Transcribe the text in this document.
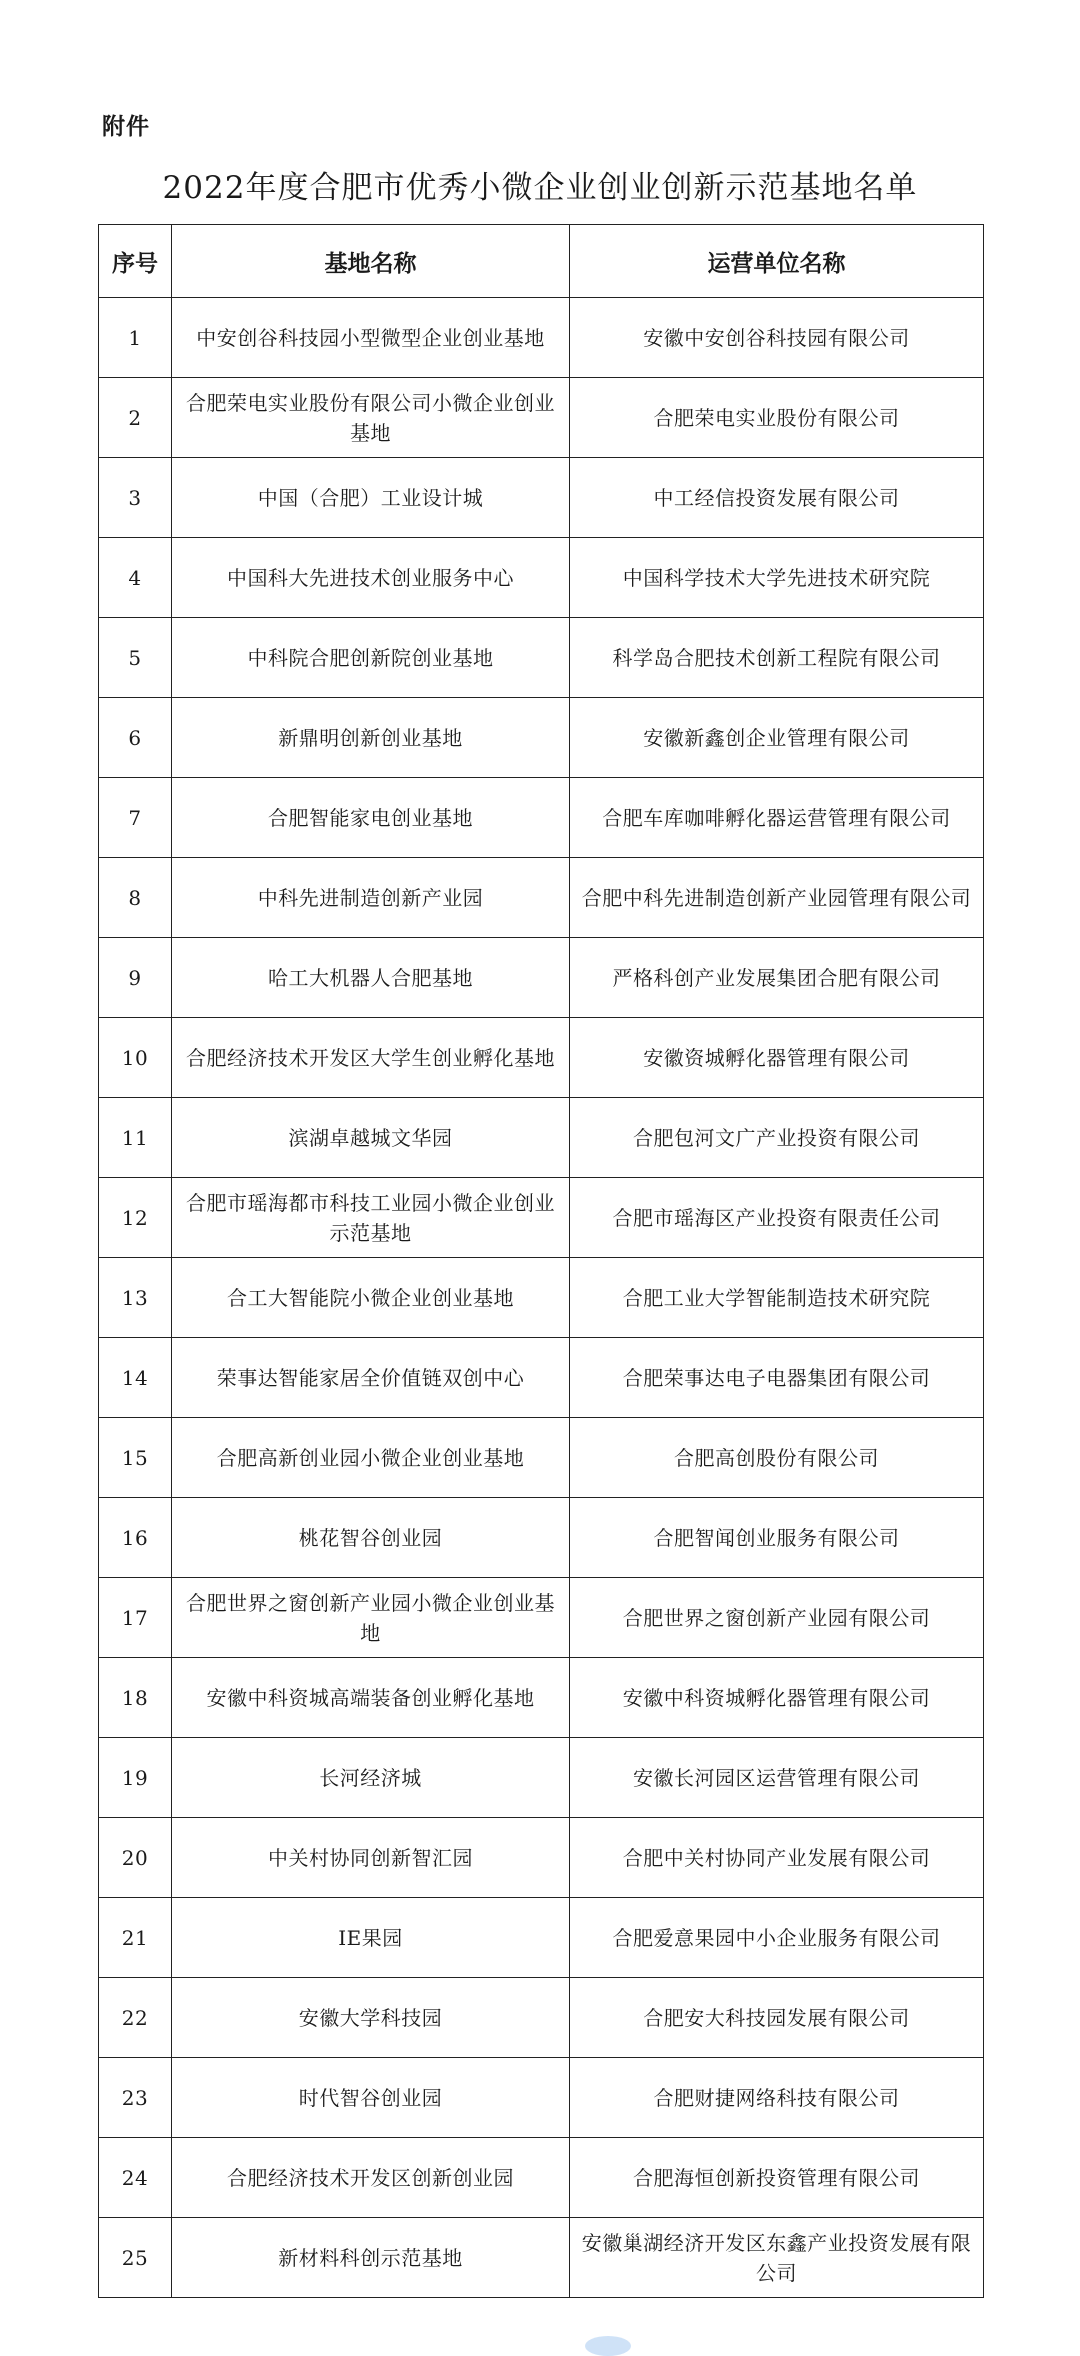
附件
2022年度合肥市优秀小微企业创业创新示范基地名单
序号	基地名称	运营单位名称
1	中安创谷科技园小型微型企业创业基地	安徽中安创谷科技园有限公司
2	合肥荣电实业股份有限公司小微企业创业基地	合肥荣电实业股份有限公司
3	中国（合肥）工业设计城	中工经信投资发展有限公司
4	中国科大先进技术创业服务中心	中国科学技术大学先进技术研究院
5	中科院合肥创新院创业基地	科学岛合肥技术创新工程院有限公司
6	新鼎明创新创业基地	安徽新鑫创企业管理有限公司
7	合肥智能家电创业基地	合肥车库咖啡孵化器运营管理有限公司
8	中科先进制造创新产业园	合肥中科先进制造创新产业园管理有限公司
9	哈工大机器人合肥基地	严格科创产业发展集团合肥有限公司
10	合肥经济技术开发区大学生创业孵化基地	安徽资城孵化器管理有限公司
11	滨湖卓越城文华园	合肥包河文广产业投资有限公司
12	合肥市瑶海都市科技工业园小微企业创业示范基地	合肥市瑶海区产业投资有限责任公司
13	合工大智能院小微企业创业基地	合肥工业大学智能制造技术研究院
14	荣事达智能家居全价值链双创中心	合肥荣事达电子电器集团有限公司
15	合肥高新创业园小微企业创业基地	合肥高创股份有限公司
16	桃花智谷创业园	合肥智闻创业服务有限公司
17	合肥世界之窗创新产业园小微企业创业基地	合肥世界之窗创新产业园有限公司
18	安徽中科资城高端装备创业孵化基地	安徽中科资城孵化器管理有限公司
19	长河经济城	安徽长河园区运营管理有限公司
20	中关村协同创新智汇园	合肥中关村协同产业发展有限公司
21	IE果园	合肥爱意果园中小企业服务有限公司
22	安徽大学科技园	合肥安大科技园发展有限公司
23	时代智谷创业园	合肥财捷网络科技有限公司
24	合肥经济技术开发区创新创业园	合肥海恒创新投资管理有限公司
25	新材料科创示范基地	安徽巢湖经济开发区东鑫产业投资发展有限公司
